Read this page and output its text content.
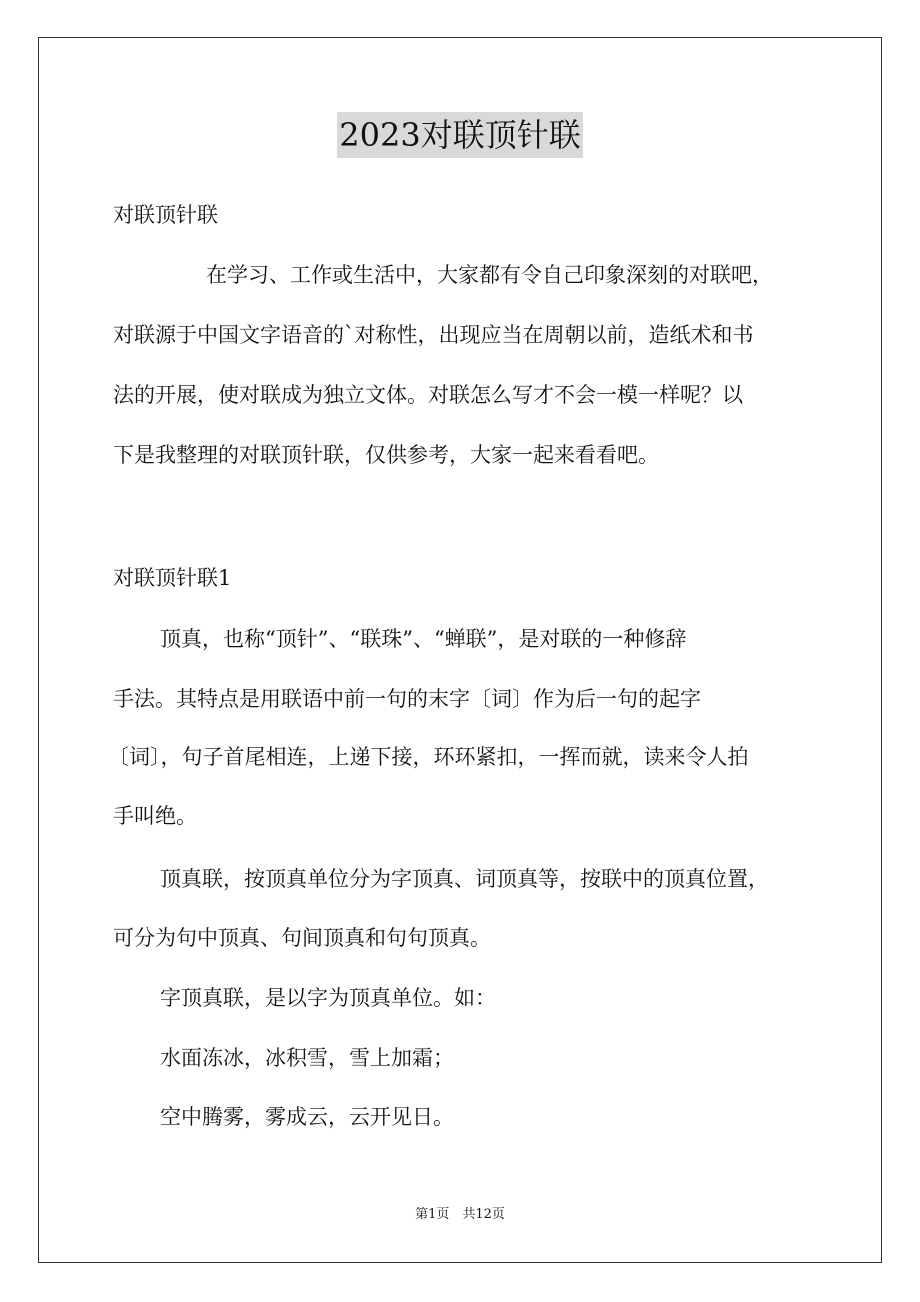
2023对联顶针联
对联顶针联
在学习、工作或生活中，大家都有令自己印象深刻的对联吧，
对联源于中国文字语音的`对称性，出现应当在周朝以前，造纸术和书
法的开展，使对联成为独立文体。对联怎么写才不会一模一样呢？以
下是我整理的对联顶针联，仅供参考，大家一起来看看吧。
对联顶针联1
顶真，也称“顶针”、“联珠”、“蝉联”，是对联的一种修辞
手法。其特点是用联语中前一句的末字〔词〕作为后一句的起字
〔词〕，句子首尾相连，上递下接，环环紧扣，一挥而就，读来令人拍
手叫绝。
顶真联，按顶真单位分为字顶真、词顶真等，按联中的顶真位置，
可分为句中顶真、句间顶真和句句顶真。
字顶真联，是以字为顶真单位。如：
水面冻冰，冰积雪，雪上加霜；
空中腾雾，雾成云，云开见日。
第1页　共12页
